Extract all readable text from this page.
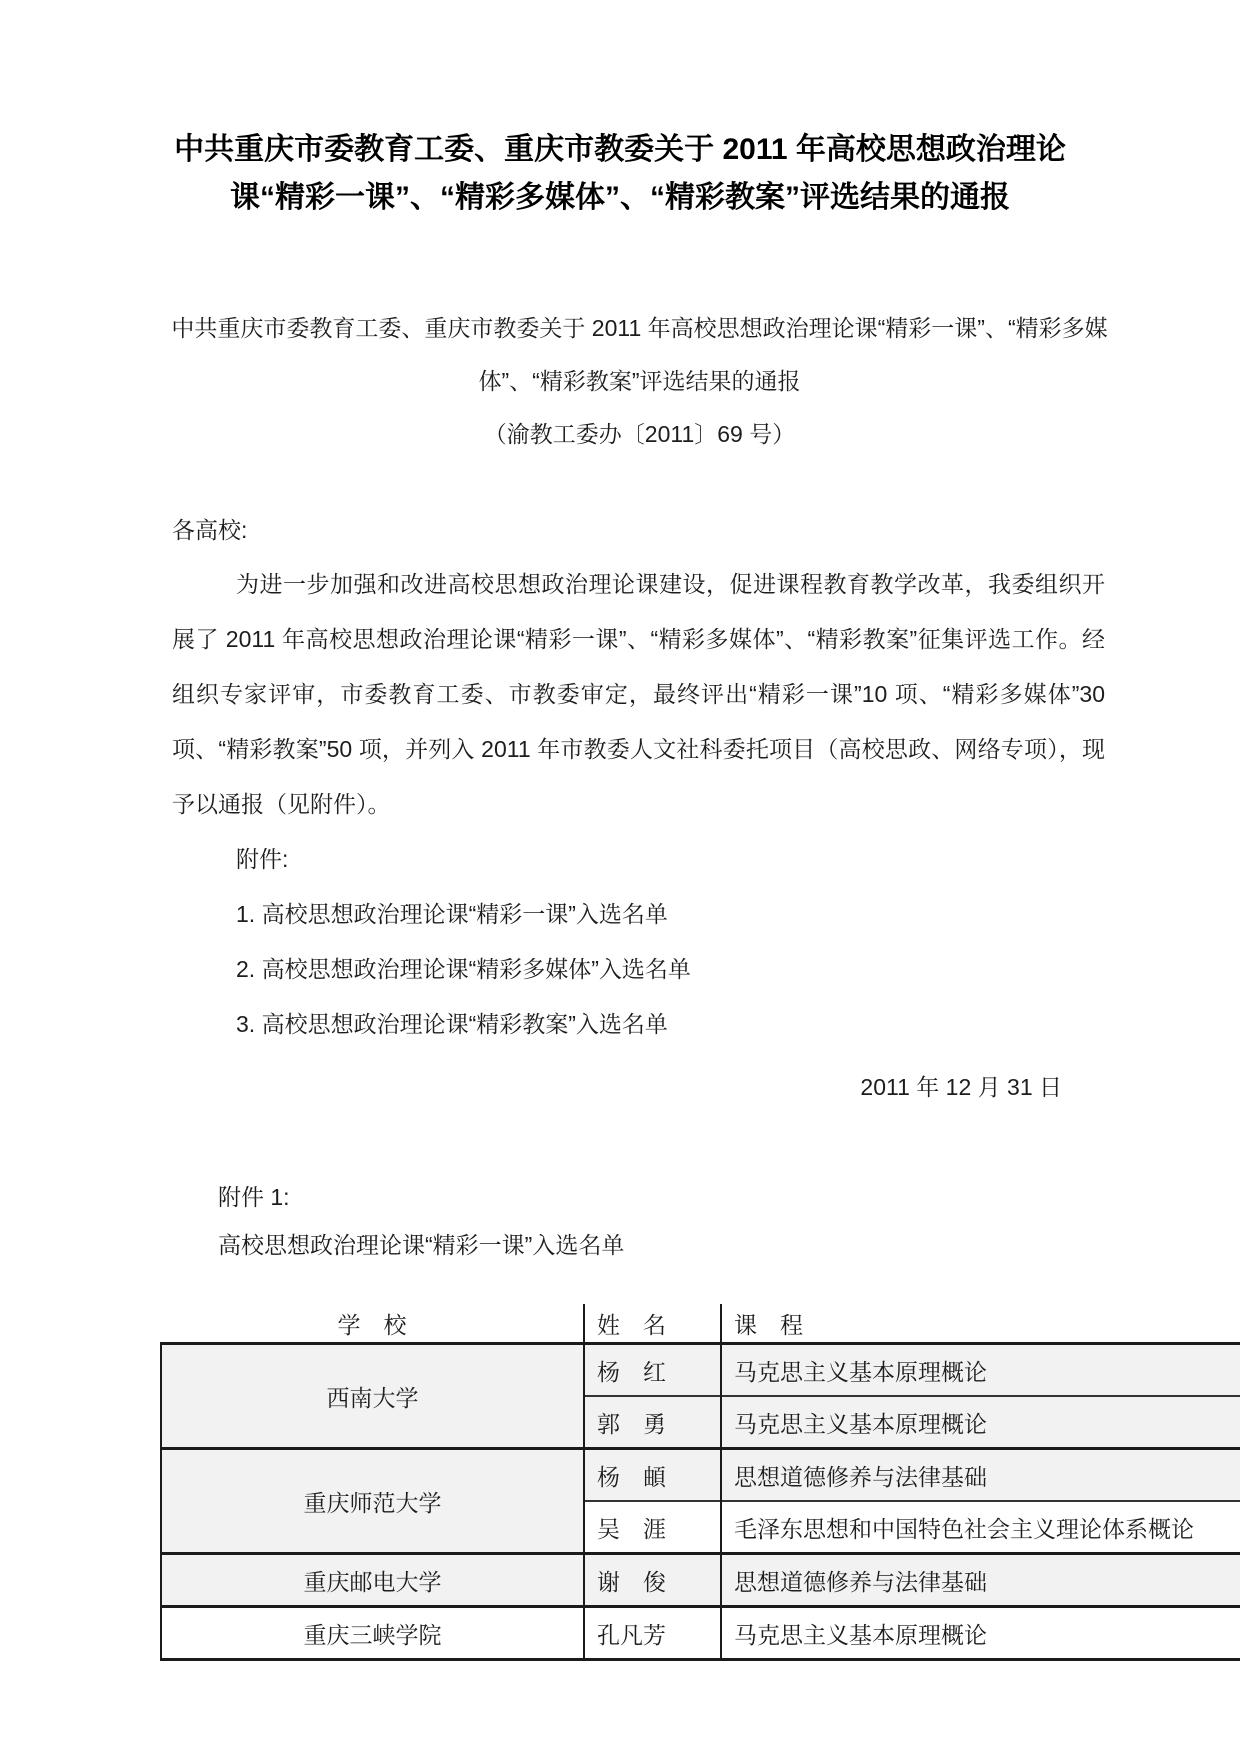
中共重庆市委教育工委、重庆市教委关于 2011 年高校思想政治理论课“精彩一课”、“精彩多媒体”、“精彩教案”评选结果的通报
中共重庆市委教育工委、重庆市教委关于 2011 年高校思想政治理论课“精彩一课”、“精彩多媒体”、“精彩教案”评选结果的通报
（渝教工委办〔2011〕69 号）
各高校:
为进一步加强和改进高校思想政治理论课建设，促进课程教育教学改革，我委组织开展了 2011 年高校思想政治理论课“精彩一课”、“精彩多媒体”、“精彩教案”征集评选工作。经组织专家评审，市委教育工委、市教委审定，最终评出“精彩一课”10 项、“精彩多媒体”30 项、“精彩教案”50 项，并列入 2011 年市教委人文社科委托项目（高校思政、网络专项），现予以通报（见附件）。
附件:
1. 高校思想政治理论课“精彩一课”入选名单
2. 高校思想政治理论课“精彩多媒体”入选名单
3. 高校思想政治理论课“精彩教案”入选名单
2011 年 12 月 31 日
附件 1:
高校思想政治理论课“精彩一课”入选名单
学　校	姓　名	课　程
西南大学	杨　红	马克思主义基本原理概论
	郭　勇	马克思主义基本原理概论
重庆师范大学	杨　頔	思想道德修养与法律基础
	吴　涯	毛泽东思想和中国特色社会主义理论体系概论
重庆邮电大学	谢　俊	思想道德修养与法律基础
重庆三峡学院	孔凡芳	马克思主义基本原理概论
